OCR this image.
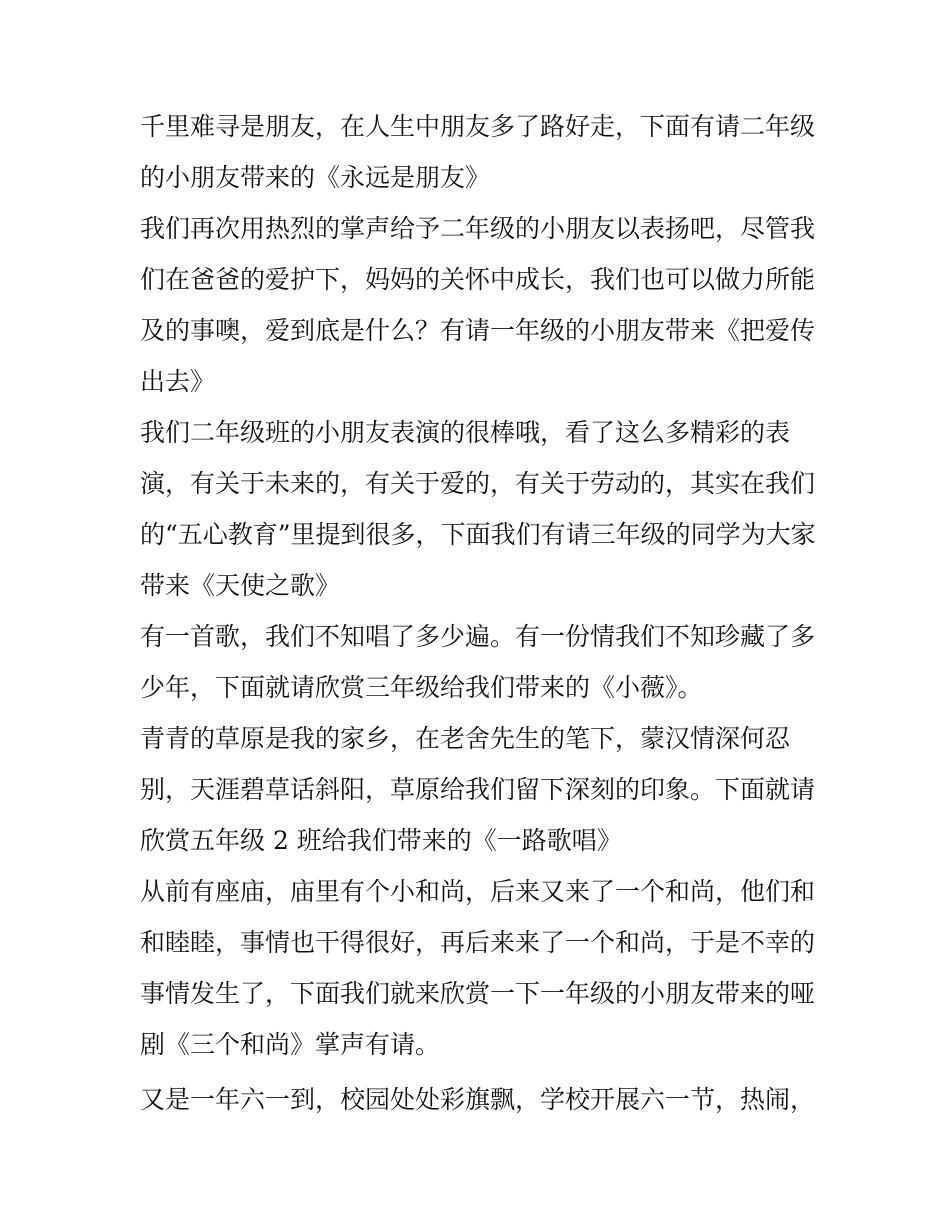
千里难寻是朋友，在人生中朋友多了路好走，下面有请二年级
的小朋友带来的《永远是朋友》
我们再次用热烈的掌声给予二年级的小朋友以表扬吧，尽管我
们在爸爸的爱护下，妈妈的关怀中成长，我们也可以做力所能
及的事噢，爱到底是什么？有请一年级的小朋友带来《把爱传
出去》
我们二年级班的小朋友表演的很棒哦，看了这么多精彩的表
演，有关于未来的，有关于爱的，有关于劳动的，其实在我们
的“五心教育”里提到很多，下面我们有请三年级的同学为大家
带来《天使之歌》
有一首歌，我们不知唱了多少遍。有一份情我们不知珍藏了多
少年，下面就请欣赏三年级给我们带来的《小薇》。
青青的草原是我的家乡，在老舍先生的笔下，蒙汉情深何忍
别，天涯碧草话斜阳，草原给我们留下深刻的印象。下面就请
欣赏五年级 2 班给我们带来的《一路歌唱》
从前有座庙，庙里有个小和尚，后来又来了一个和尚，他们和
和睦睦，事情也干得很好，再后来来了一个和尚，于是不幸的
事情发生了，下面我们就来欣赏一下一年级的小朋友带来的哑
剧《三个和尚》掌声有请。
又是一年六一到，校园处处彩旗飘，学校开展六一节，热闹，
